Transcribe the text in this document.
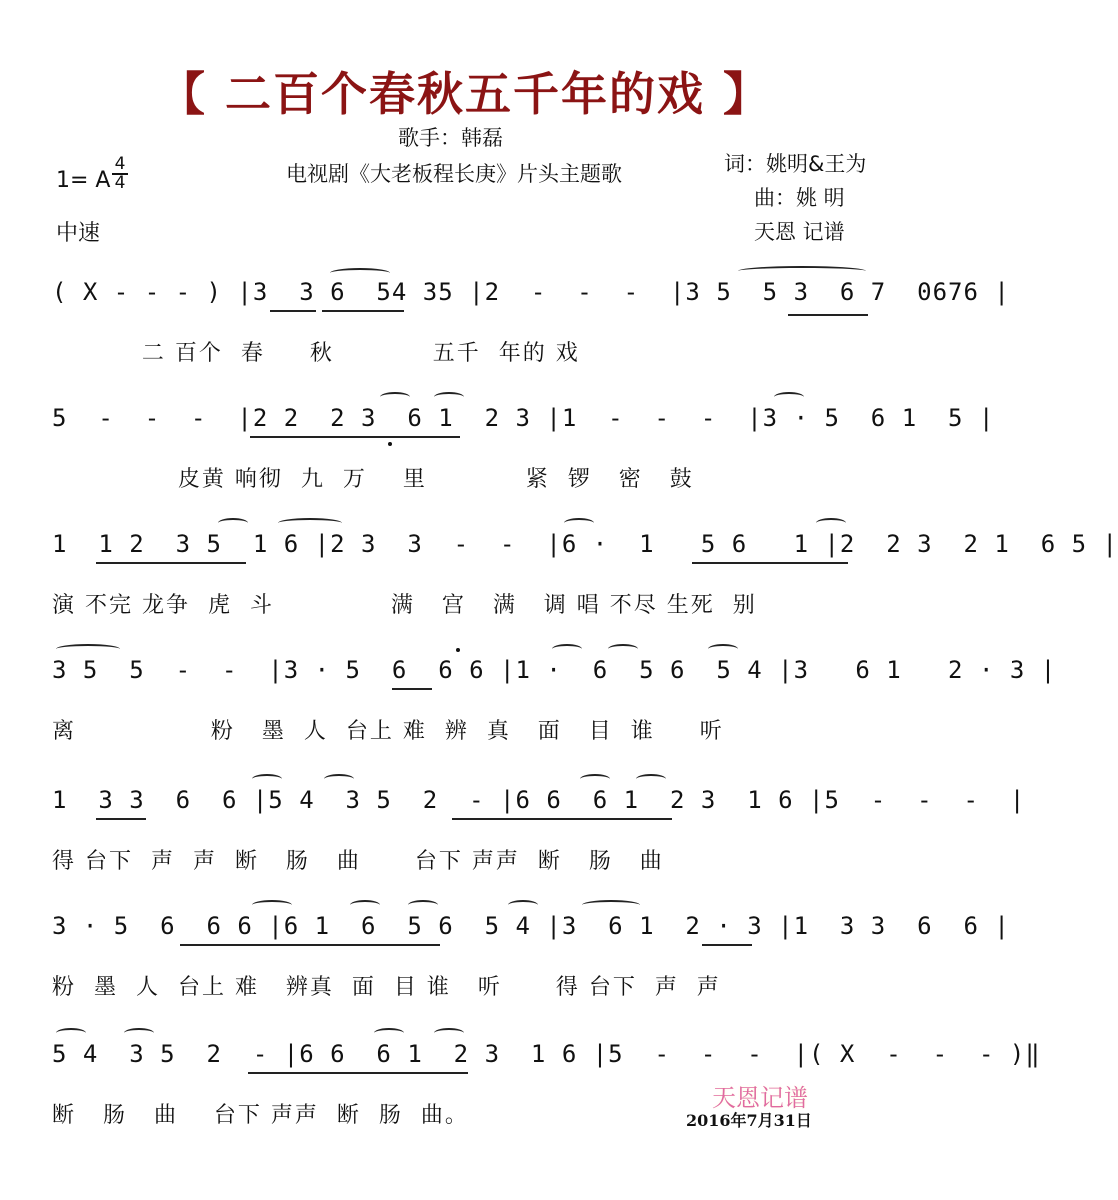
【 二百个春秋五千年的戏 】
歌手：韩磊
电视剧《大老板程长庚》片头主题歌	词：姚明&王为
曲：姚 明
天恩 记谱
1= A
4
4
中速
( X - - - ) |3  3 6  54 35 |2  -  -  -  |3 5  5 3  6 7  0676 |
二 百个  春     秋           五千  年的 戏
5  -  -  -  |2 2  2 3  6 1  2 3 |1  -  -  -  |3 · 5  6 1  5 |
皮黄 响彻  九  万    里           紧  锣   密   鼓
1  1 2  3 5  1 6 |2 3  3  -  -  |6 ·  1   5 6   1 |2  2 3  2 1  6 5 |
演 不完 龙争  虎  斗             满   宫   满   调 唱 不尽 生死  别
3 5  5  -  -  |3 · 5  6  6 6 |1 ·  6  5 6  5 4 |3   6 1   2 · 3 |
离               粉   墨  人  台上 难  辨  真   面   目  谁     听
1  3 3  6  6 |5 4  3 5  2  - |6 6  6 1  2 3  1 6 |5  -  -  -  |
得 台下  声  声  断   肠   曲      台下 声声  断   肠   曲
3 · 5  6  6 6 |6 1  6  5 6  5 4 |3  6 1  2 · 3 |1  3 3  6  6 |
粉  墨  人  台上 难   辨真  面  目 谁   听      得 台下  声  声
5 4  3 5  2  - |6 6  6 1  2 3  1 6 |5  -  -  -  |( X  -  -  - )‖
断   肠   曲    台下 声声  断  肠  曲。
天恩记谱
2016年7月31日
